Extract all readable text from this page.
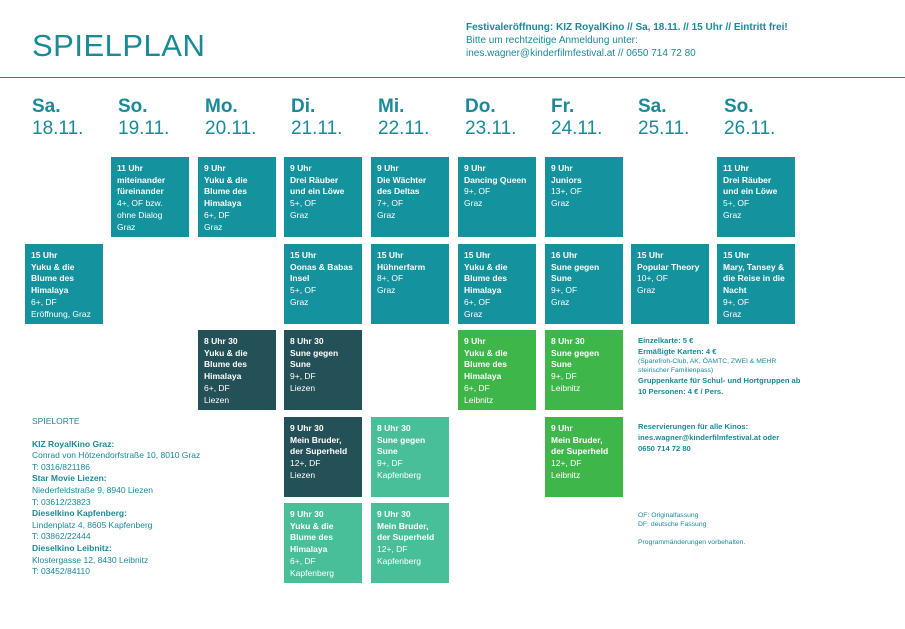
SPIELPLAN
Festivaleröffnung: KIZ RoyalKino // Sa, 18.11. // 15 Uhr // Eintritt frei!
Bitte um rechtzeitige Anmeldung unter:
ines.wagner@kinderfilmfestival.at // 0650 714 72 80
Sa.
18.11.
So.
19.11.
Mo.
20.11.
Di.
21.11.
Mi.
22.11.
Do.
23.11.
Fr.
24.11.
Sa.
25.11.
So.
26.11.
11 Uhr
miteinander füreinander
4+, OF bzw. ohne Dialog
Graz
9 Uhr
Yuku & die Blume des Himalaya
6+, DF
Graz
9 Uhr
Drei Räuber und ein Löwe
5+, OF
Graz
9 Uhr
Die Wächter des Deltas
7+, OF
Graz
9 Uhr
Dancing Queen
9+, OF
Graz
9 Uhr
Juniors
13+, OF
Graz
11 Uhr
Drei Räuber und ein Löwe
5+, OF
Graz
15 Uhr
Yuku & die Blume des Himalaya
6+, DF
Eröffnung, Graz
15 Uhr
Oonas & Babas Insel
5+, OF
Graz
15 Uhr
Hühnerfarm
8+, OF
Graz
15 Uhr
Yuku & die Blume des Himalaya
6+, OF
Graz
16 Uhr
Sune gegen Sune
9+, OF
Graz
15 Uhr
Popular Theory
10+, OF
Graz
15 Uhr
Mary, Tansey & die Reise in die Nacht
9+, OF
Graz
8 Uhr 30
Yuku & die Blume des Himalaya
6+, DF
Liezen
8 Uhr 30
Sune gegen Sune
9+, DF
Liezen
9 Uhr
Yuku & die Blume des Himalaya
6+, DF
Leibnitz
8 Uhr 30
Sune gegen Sune
9+, DF
Leibnitz
9 Uhr 30
Mein Bruder, der Superheld
12+, DF
Liezen
8 Uhr 30
Sune gegen Sune
9+, DF
Kapfenberg
9 Uhr
Mein Bruder, der Superheld
12+, DF
Leibnitz
9 Uhr 30
Yuku & die Blume des Himalaya
6+, DF
Kapfenberg
9 Uhr 30
Mein Bruder, der Superheld
12+, DF
Kapfenberg
Einzelkarte: 5 €
Ermäßigte Karten: 4 €
(Sparefroh-Club, AK, ÖAMTC, ZWEI & MEHR steirischer Familienpass)
Gruppenkarte für Schul- und Hortgruppen ab 10 Personen: 4 € / Pers.
Reservierungen für alle Kinos:
ines.wagner@kinderfilmfestival.at oder 0650 714 72 80
OF: Originalfassung
DF: deutsche Fassung
Programmänderungen vorbehalten.
SPIELORTE
KIZ RoyalKino Graz:
Conrad von Hötzendorfstraße 10, 8010 Graz
T: 0316/821186
Star Movie Liezen:
Niederfeldstraße 9, 8940 Liezen
T: 03612/23823
Dieselkino Kapfenberg:
Lindenplatz 4, 8605 Kapfenberg
T: 03862/22444
Dieselkino Leibnitz:
Klostergasse 12, 8430 Leibnitz
T: 03452/84110
